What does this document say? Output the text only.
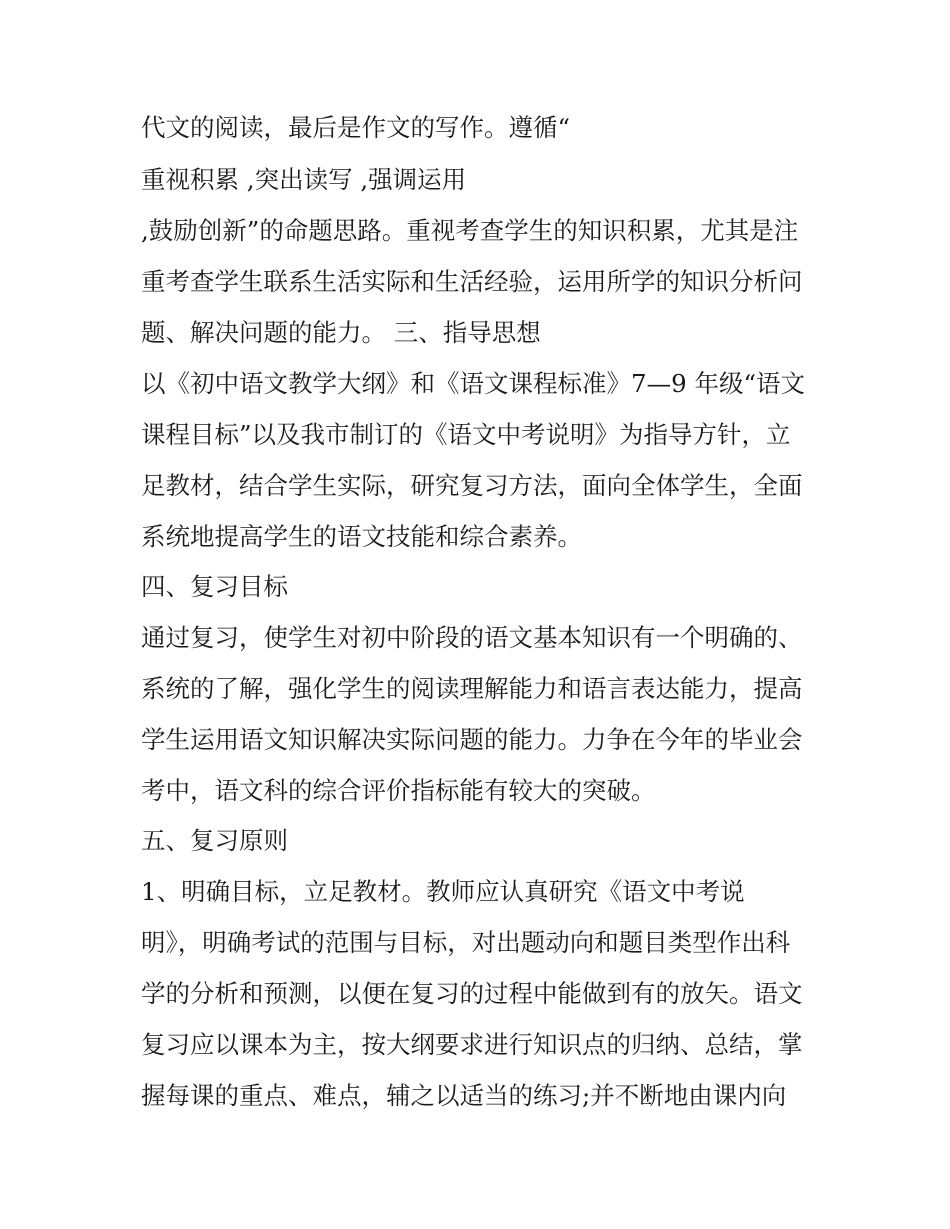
代文的阅读，最后是作文的写作。遵循“
重视积累 ,突出读写 ,强调运用
,鼓励创新”的命题思路。重视考查学生的知识积累，尤其是注
重考查学生联系生活实际和生活经验，运用所学的知识分析问
题、解决问题的能力。 三、指导思想
以《初中语文教学大纲》和《语文课程标准》7—9 年级“语文
课程目标”以及我市制订的《语文中考说明》为指导方针，立
足教材，结合学生实际，研究复习方法，面向全体学生，全面
系统地提高学生的语文技能和综合素养。
四、复习目标
通过复习，使学生对初中阶段的语文基本知识有一个明确的、
系统的了解，强化学生的阅读理解能力和语言表达能力，提高
学生运用语文知识解决实际问题的能力。力争在今年的毕业会
考中，语文科的综合评价指标能有较大的突破。
五、复习原则
1、明确目标，立足教材。教师应认真研究《语文中考说
明》，明确考试的范围与目标，对出题动向和题目类型作出科
学的分析和预测，以便在复习的过程中能做到有的放矢。语文
复习应以课本为主，按大纲要求进行知识点的归纳、总结，掌
握每课的重点、难点，辅之以适当的练习;并不断地由课内向
